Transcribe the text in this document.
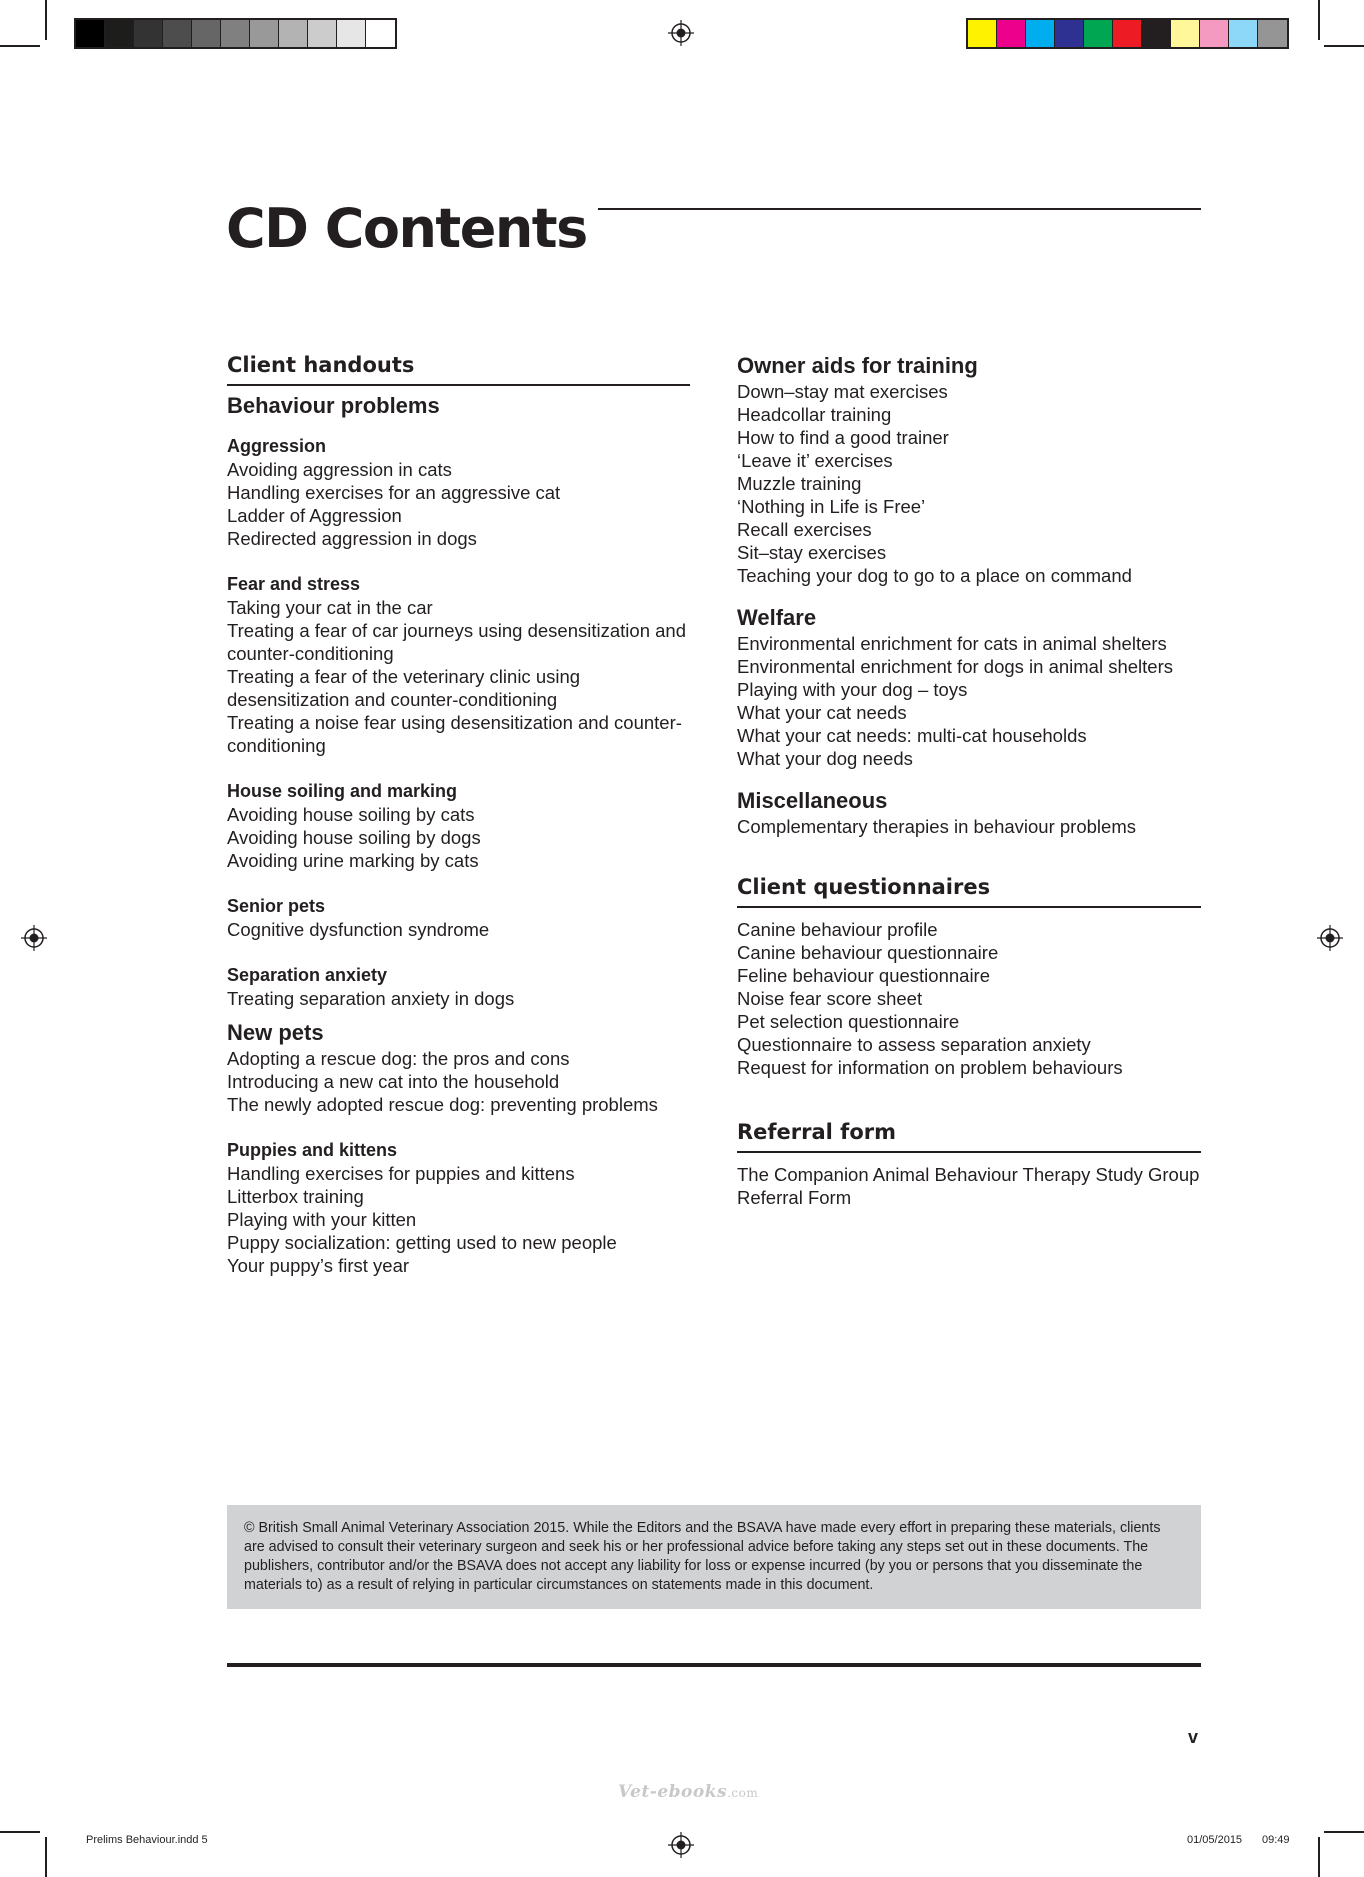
CD Contents
Client handouts
Behaviour problems
Aggression
Avoiding aggression in cats
Handling exercises for an aggressive cat
Ladder of Aggression
Redirected aggression in dogs
Fear and stress
Taking your cat in the car
Treating a fear of car journeys using desensitization and counter-conditioning
Treating a fear of the veterinary clinic using desensitization and counter-conditioning
Treating a noise fear using desensitization and counter-conditioning
House soiling and marking
Avoiding house soiling by cats
Avoiding house soiling by dogs
Avoiding urine marking by cats
Senior pets
Cognitive dysfunction syndrome
Separation anxiety
Treating separation anxiety in dogs
New pets
Adopting a rescue dog: the pros and cons
Introducing a new cat into the household
The newly adopted rescue dog: preventing problems
Puppies and kittens
Handling exercises for puppies and kittens
Litterbox training
Playing with your kitten
Puppy socialization: getting used to new people
Your puppy’s first year
Owner aids for training
Down–stay mat exercises
Headcollar training
How to find a good trainer
‘Leave it’ exercises
Muzzle training
‘Nothing in Life is Free’
Recall exercises
Sit–stay exercises
Teaching your dog to go to a place on command
Welfare
Environmental enrichment for cats in animal shelters
Environmental enrichment for dogs in animal shelters
Playing with your dog – toys
What your cat needs
What your cat needs: multi-cat households
What your dog needs
Miscellaneous
Complementary therapies in behaviour problems
Client questionnaires
Canine behaviour profile
Canine behaviour questionnaire
Feline behaviour questionnaire
Noise fear score sheet
Pet selection questionnaire
Questionnaire to assess separation anxiety
Request for information on problem behaviours
Referral form
The Companion Animal Behaviour Therapy Study Group Referral Form
© British Small Animal Veterinary Association 2015. While the Editors and the BSAVA have made every effort in preparing these materials, clients are advised to consult their veterinary surgeon and seek his or her professional advice before taking any steps set out in these documents. The publishers, contributor and/or the BSAVA does not accept any liability for loss or expense incurred (by you or persons that you disseminate the materials to) as a result of relying in particular circumstances on statements made in this document.
v
Vet-ebooks.com
Prelims Behaviour.indd 5	01/05/2015 09:49
